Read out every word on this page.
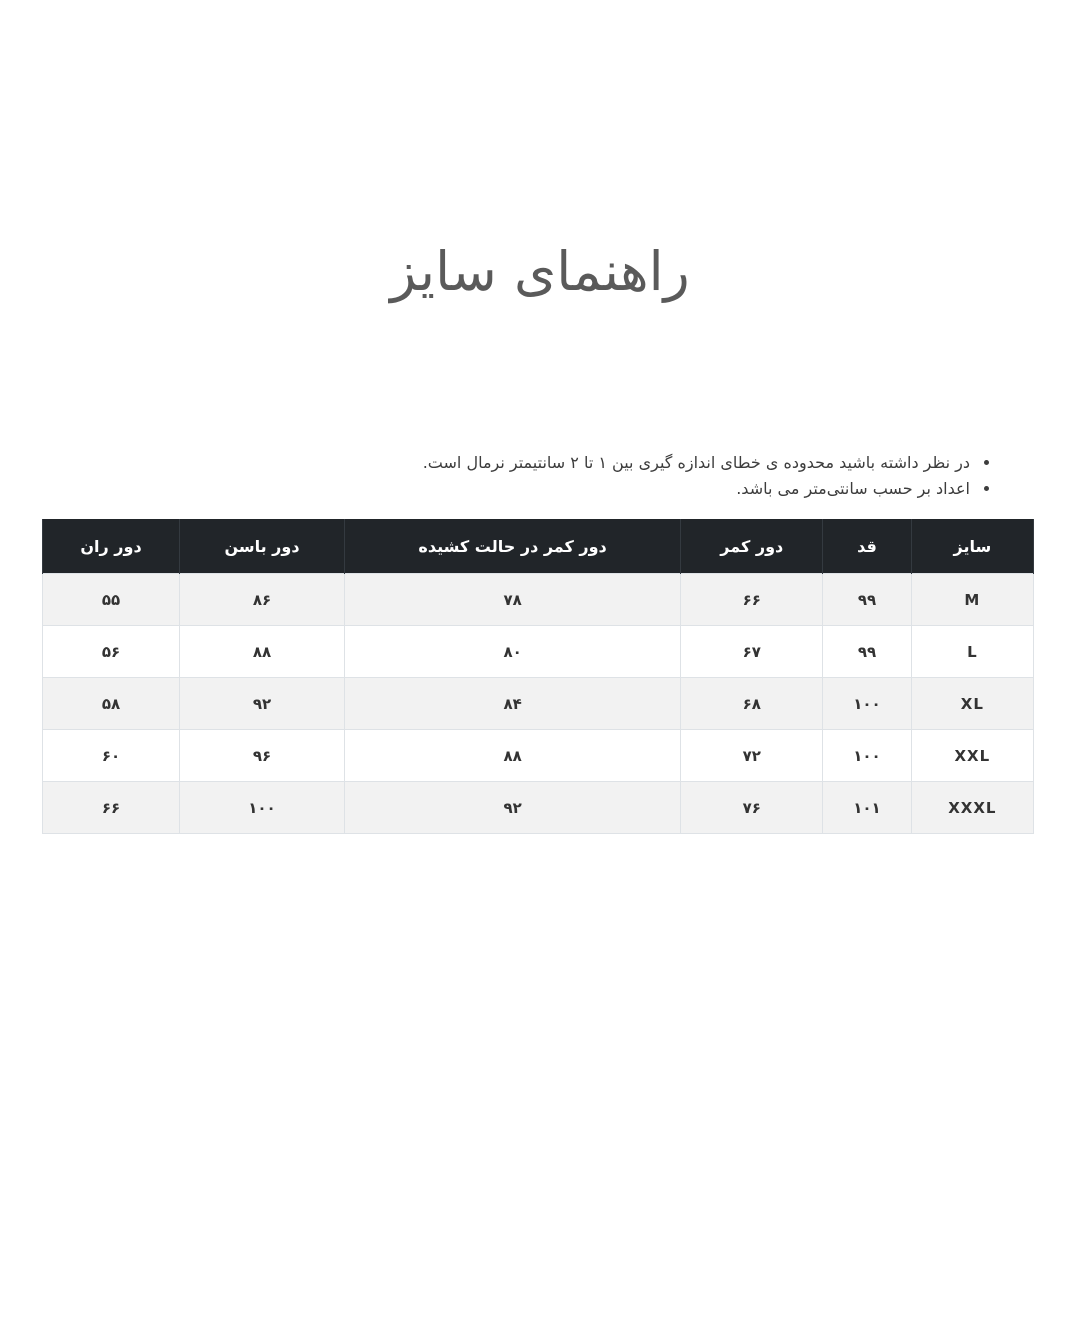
راهنمای سایز
• در نظر داشته باشید محدوده ی خطای اندازه گیری بین ۱ تا ۲ سانتیمتر نرمال است.
• اعداد بر حسب سانتی‌متر می باشد.
سایز	قد	دور کمر	دور کمر در حالت کشیده	دور باسن	دور ران
M	۹۹	۶۶	۷۸	۸۶	۵۵
L	۹۹	۶۷	۸۰	۸۸	۵۶
XL	۱۰۰	۶۸	۸۴	۹۲	۵۸
XXL	۱۰۰	۷۲	۸۸	۹۶	۶۰
XXXL	۱۰۱	۷۶	۹۲	۱۰۰	۶۶
